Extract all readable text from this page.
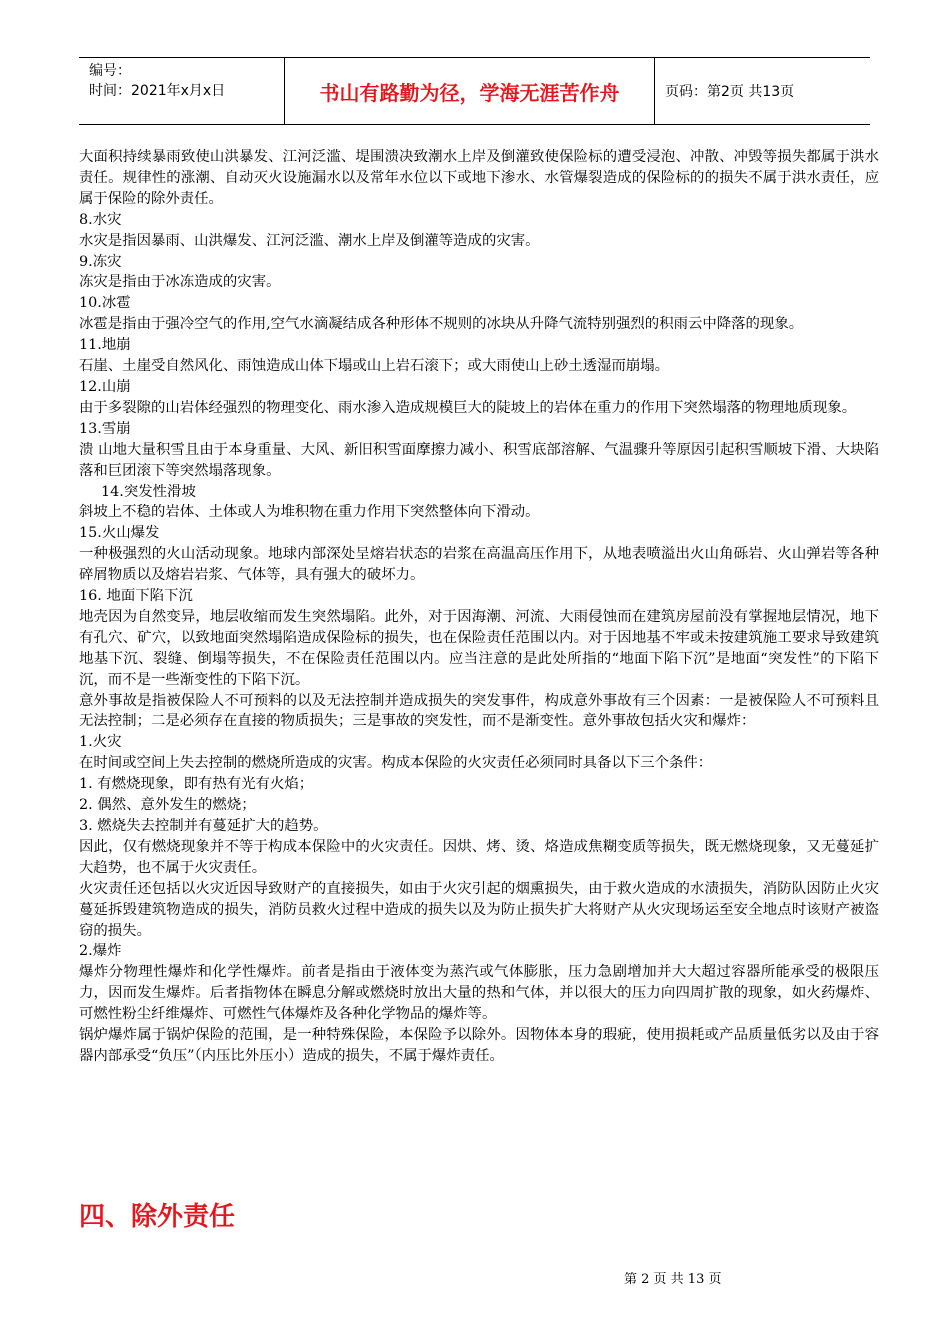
编号：
时间：2021年x月x日	书山有路勤为径，学海无涯苦作舟	页码：第2页 共13页

大面积持续暴雨致使山洪暴发、江河泛滥、堤围溃决致潮水上岸及倒灌致使保险标的遭受浸泡、冲散、冲毁等损失都属于洪水责任。规律性的涨潮、自动灭火设施漏水以及常年水位以下或地下渗水、水管爆裂造成的保险标的的损失不属于洪水责任，应属于保险的除外责任。

8.水灾

水灾是指因暴雨、山洪爆发、江河泛滥、潮水上岸及倒灌等造成的灾害。

9.冻灾

冻灾是指由于冰冻造成的灾害。

10.冰雹

冰雹是指由于强冷空气的作用,空气水滴凝结成各种形体不规则的冰块从升降气流特别强烈的积雨云中降落的现象。

11.地崩

石崖、土崖受自然风化、雨蚀造成山体下塌或山上岩石滚下；或大雨使山上砂土透湿而崩塌。

12.山崩

由于多裂隙的山岩体经强烈的物理变化、雨水渗入造成规模巨大的陡坡上的岩体在重力的作用下突然塌落的物理地质现象。

13.雪崩

溃 山地大量积雪且由于本身重量、大风、新旧积雪面摩擦力减小、积雪底部溶解、气温骤升等原因引起积雪顺坡下滑、大块陷落和巨团滚下等突然塌落现象。

14.突发性滑坡

斜坡上不稳的岩体、土体或人为堆积物在重力作用下突然整体向下滑动。

15.火山爆发

一种极强烈的火山活动现象。地球内部深处呈熔岩状态的岩浆在高温高压作用下，从地表喷溢出火山角砾岩、火山弹岩等各种碎屑物质以及熔岩岩浆、气体等，具有强大的破坏力。

16. 地面下陷下沉

地壳因为自然变异，地层收缩而发生突然塌陷。此外，对于因海潮、河流、大雨侵蚀而在建筑房屋前没有掌握地层情况，地下有孔穴、矿穴，以致地面突然塌陷造成保险标的损失，也在保险责任范围以内。对于因地基不牢或未按建筑施工要求导致建筑地基下沉、裂缝、倒塌等损失，不在保险责任范围以内。应当注意的是此处所指的“地面下陷下沉”是地面“突发性”的下陷下沉，而不是一些渐变性的下陷下沉。

意外事故是指被保险人不可预料的以及无法控制并造成损失的突发事件，构成意外事故有三个因素：一是被保险人不可预料且无法控制；二是必须存在直接的物质损失；三是事故的突发性，而不是渐变性。意外事故包括火灾和爆炸：

1.火灾

在时间或空间上失去控制的燃烧所造成的灾害。构成本保险的火灾责任必须同时具备以下三个条件：

1. 有燃烧现象，即有热有光有火焰；

2. 偶然、意外发生的燃烧；

3. 燃烧失去控制并有蔓延扩大的趋势。

因此，仅有燃烧现象并不等于构成本保险中的火灾责任。因烘、烤、烫、烙造成焦糊变质等损失，既无燃烧现象，又无蔓延扩大趋势，也不属于火灾责任。

火灾责任还包括以火灾近因导致财产的直接损失，如由于火灾引起的烟熏损失，由于救火造成的水渍损失，消防队因防止火灾蔓延拆毁建筑物造成的损失，消防员救火过程中造成的损失以及为防止损失扩大将财产从火灾现场运至安全地点时该财产被盗窃的损失。

2.爆炸

爆炸分物理性爆炸和化学性爆炸。前者是指由于液体变为蒸汽或气体膨胀，压力急剧增加并大大超过容器所能承受的极限压力，因而发生爆炸。后者指物体在瞬息分解或燃烧时放出大量的热和气体，并以很大的压力向四周扩散的现象，如火药爆炸、可燃性粉尘纤维爆炸、可燃性气体爆炸及各种化学物品的爆炸等。

锅炉爆炸属于锅炉保险的范围，是一种特殊保险，本保险予以除外。因物体本身的瑕疵，使用损耗或产品质量低劣以及由于容器内部承受“负压”（内压比外压小）造成的损失，不属于爆炸责任。

四、除外责任
第 2 页 共 13 页
